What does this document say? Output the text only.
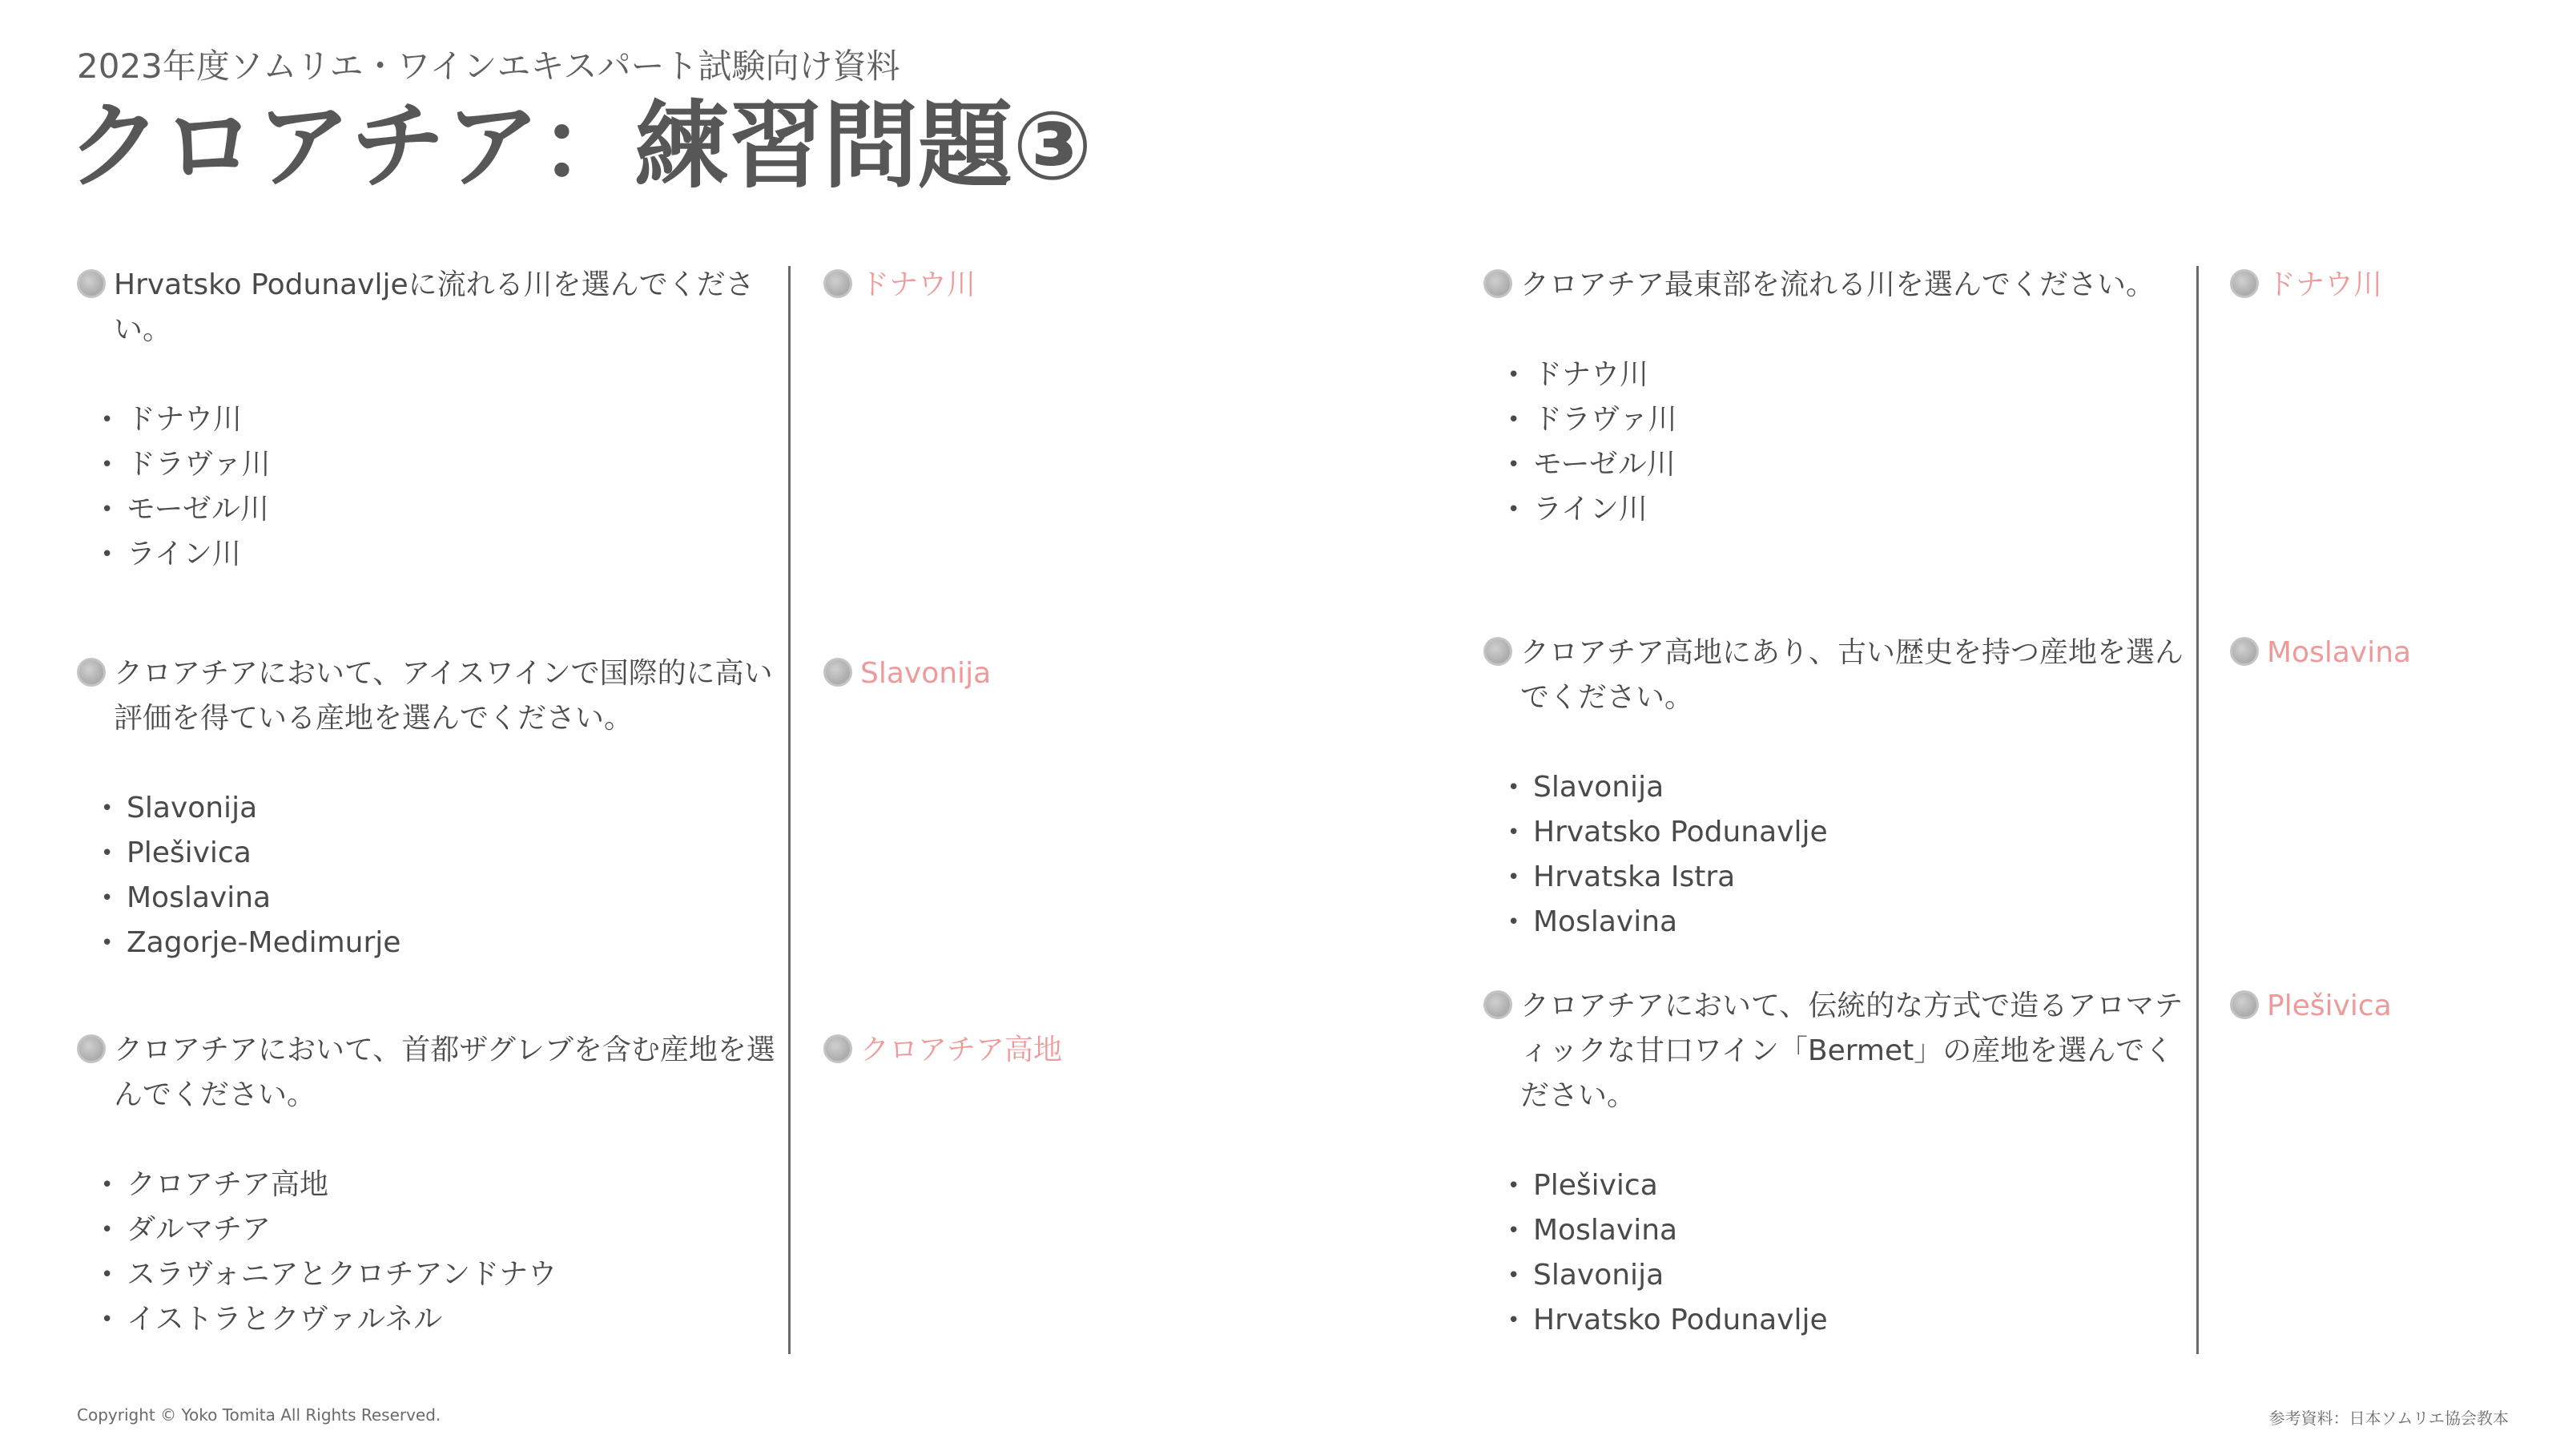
2023年度ソムリエ・ワインエキスパート試験向け資料
クロアチア：練習問題③
Hrvatsko Podunavljeに流れる川を選んでください。
• ドナウ川
• ドラヴァ川
• モーゼル川
• ライン川
ドナウ川
クロアチアにおいて、アイスワインで国際的に高い評価を得ている産地を選んでください。
• Slavonija
• Plešivica
• Moslavina
• Zagorje-Medimurje
Slavonija
クロアチアにおいて、首都ザグレブを含む産地を選んでください。
• クロアチア高地
• ダルマチア
• スラヴォニアとクロチアンドナウ
• イストラとクヴァルネル
クロアチア高地
クロアチア最東部を流れる川を選んでください。
• ドナウ川
• ドラヴァ川
• モーゼル川
• ライン川
ドナウ川
クロアチア高地にあり、古い歴史を持つ産地を選んでください。
• Slavonija
• Hrvatsko Podunavlje
• Hrvatska Istra
• Moslavina
Moslavina
クロアチアにおいて、伝統的な方式で造るアロマティックな甘口ワイン「Bermet」の産地を選んでください。
• Plešivica
• Moslavina
• Slavonija
• Hrvatsko Podunavlje
Plešivica
Copyright © Yoko Tomita All Rights Reserved.	参考資料：日本ソムリエ協会教本
